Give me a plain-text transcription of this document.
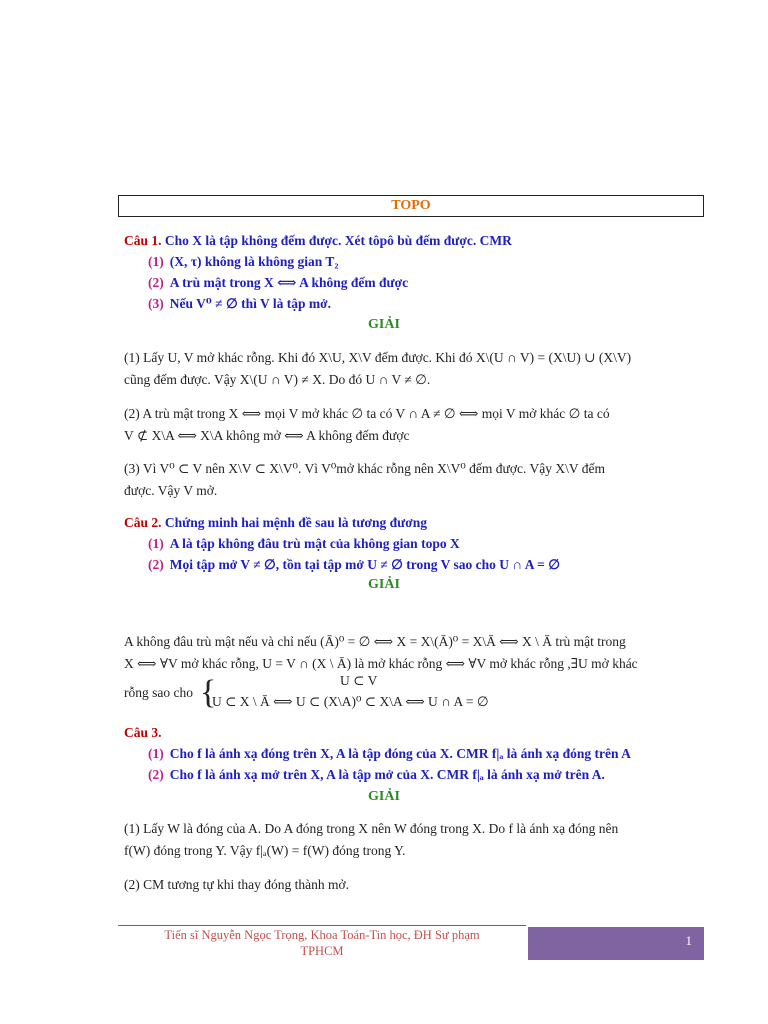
TOPO
Câu 1. Cho X là tập không đếm được. Xét tôpô bù đếm được. CMR
(1) (X, τ) không là không gian T₂
(2) A trù mật trong X ⟺ A không đếm được
(3) Nếu V⁰ ≠ ∅ thì V là tập mở.
GIẢI
(1) Lấy U, V mở khác rỗng. Khi đó X\U, X\V đếm được. Khi đó X\(U ∩ V) = (X\U) ∪ (X\V)
cũng đếm được. Vậy X\(U ∩ V) ≠ X. Do đó U ∩ V ≠ ∅.
(2) A trù mật trong X ⟺ mọi V mở khác ∅ ta có V ∩ A ≠ ∅ ⟺ mọi V mở khác ∅ ta có
V ⊄ X\A ⟺ X\A không mở ⟺ A không đếm được
(3) Vì V⁰ ⊂ V nên X\V ⊂ X\V⁰. Vì V⁰mở khác rỗng nên X\V⁰ đếm được. Vậy X\V đếm
được. Vậy V mở.
Câu 2. Chứng minh hai mệnh đề sau là tương đương
(1) A là tập không đâu trù mật của không gian topo X
(2) Mọi tập mở V ≠ ∅, tồn tại tập mở U ≠ ∅ trong V sao cho U ∩ A = ∅
GIẢI
A không đâu trù mật nếu và chỉ nếu (Ā)⁰ = ∅ ⟺ X = X\(Ā)⁰ = X\Ā ⟺ X \ Ā trù mật trong
X ⟺ ∀V mở khác rỗng, U = V ∩ (X \ Ā) là mở khác rỗng ⟺ ∀V mở khác rỗng ,∃U mở khác
rỗng sao cho {	U ⊂ V
U ⊂ X \ Ā ⟺ U ⊂ (X\A)⁰ ⊂ X\A ⟺ U ∩ A = ∅
Câu 3.
(1) Cho f là ánh xạ đóng trên X, A là tập đóng của X. CMR f|ₐ là ánh xạ đóng trên A
(2) Cho f là ánh xạ mở trên X, A là tập mở của X. CMR f|ₐ là ánh xạ mở trên A.
GIẢI
(1) Lấy W là đóng của A. Do A đóng trong X nên W đóng trong X. Do f là ánh xạ đóng nên
f(W) đóng trong Y. Vậy f|ₐ(W) = f(W) đóng trong Y.
(2) CM tương tự khi thay đóng thành mở.
Tiến sĩ Nguyễn Ngọc Trọng, Khoa Toán-Tin học, ĐH Sư phạm
TPHCM
1
